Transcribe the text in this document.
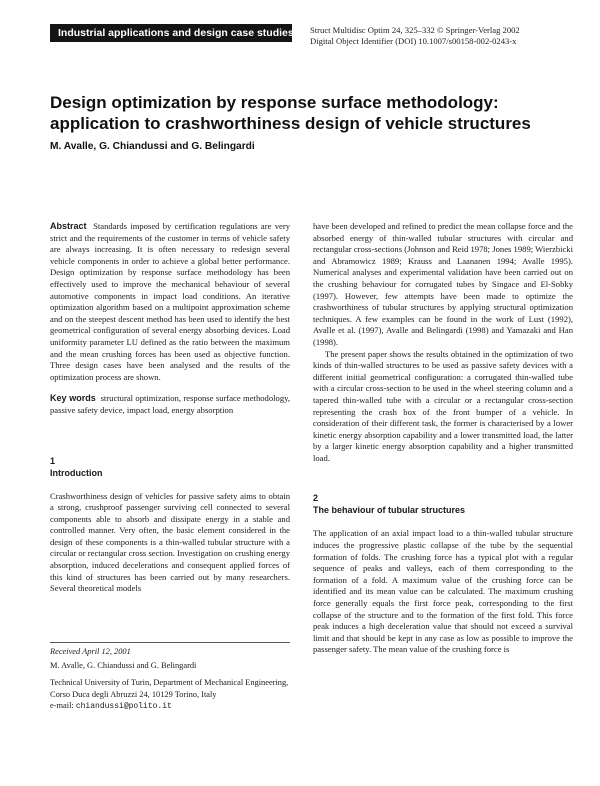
Industrial applications and design case studies Struct Multidisc Optim 24, 325–332 © Springer-Verlag 2002
Digital Object Identifier (DOI) 10.1007/s00158-002-0243-x
Design optimization by response surface methodology:
application to crashworthiness design of vehicle structures
M. Avalle, G. Chiandussi and G. Belingardi

Abstract Standards imposed by certification regulations are very strict and the requirements of the customer in terms of vehicle safety are always increasing. It is often necessary to redesign several vehicle components in order to achieve a global better performance. Design optimization by response surface methodology has been effectively used to improve the mechanical behaviour of several automotive components in impact load conditions. An iterative optimization algorithm based on a multipoint approximation scheme and on the steepest descent method has been used to identify the best geometrical configuration of several energy absorbing devices. Load uniformity parameter LU defined as the ratio between the maximum and the mean crushing forces has been used as objective function. Three design cases have been analysed and the results of the optimization process are shown.

Key words structural optimization, response surface methodology, passive safety device, impact load, energy absorption

1
Introduction

Crashworthiness design of vehicles for passive safety aims to obtain a strong, crushproof passenger surviving cell connected to several components able to absorb and dissipate energy in a stable and controlled manner. Very often, the basic element considered in the design of these components is a thin-walled tubular structure with a circular or rectangular cross section. Investigation on crushing energy absorption, induced decelerations and consequent applied forces of this kind of structures has been carried out by many researchers. Several theoretical models

have been developed and refined to predict the mean collapse force and the absorbed energy of thin-walled tubular structures with circular and rectangular cross-sections (Johnson and Reid 1978; Jones 1989; Wierzbicki and Abramowicz 1989; Krauss and Laananen 1994; Avalle 1995). Numerical analyses and experimental validation have been carried out on the crushing behaviour for corrugated tubes by Singace and El-Sobky (1997). However, few attempts have been made to optimize the crashworthiness of tubular structures by applying structural optimization techniques. A few examples can be found in the work of Lust (1992), Avalle et al. (1997), Avalle and Belingardi (1998) and Yamazaki and Han (1998).

The present paper shows the results obtained in the optimization of two kinds of thin-walled structures to be used as passive safety devices with a different initial geometrical configuration: a corrugated thin-walled tube with a circular cross-section to be used in the wheel steering column and a tapered thin-walled tube with a circular or a rectangular cross-section representing the crash box of the front bumper of a vehicle. In consideration of their different task, the former is characterised by a lower kinetic energy absorption capability and a lower transmitted load, the latter by a larger kinetic energy absorption capability and a higher transmitted load.

2
The behaviour of tubular structures

The application of an axial impact load to a thin-walled tubular structure induces the progressive plastic collapse of the tube by the sequential formation of folds. The crushing force has a typical plot with a regular sequence of peaks and valleys, each of them corresponding to the formation of a fold. A maximum value of the crushing force can be identified and its mean value can be calculated. The maximum crushing force generally equals the first force peak, corresponding to the first collapse of the structure and to the formation of the first fold. This force peak induces a high deceleration value that should not exceed a survival limit and that should be kept in any case as low as possible to improve the passenger safety. The mean value of the crushing force is

Received April 12, 2001
M. Avalle, G. Chiandussi and G. Belingardi
Technical University of Turin, Department of Mechanical Engineering, Corso Duca degli Abruzzi 24, 10129 Torino, Italy
e-mail: chiandussi@polito.it
